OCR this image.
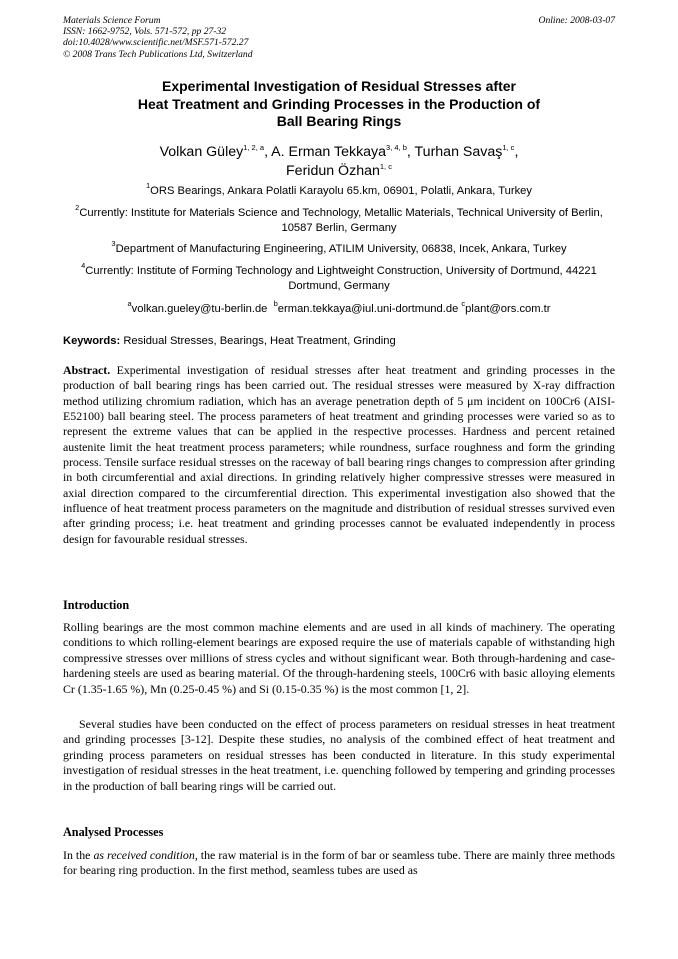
Materials Science Forum
ISSN: 1662-9752, Vols. 571-572, pp 27-32
doi:10.4028/www.scientific.net/MSF.571-572.27
© 2008 Trans Tech Publications Ltd, Switzerland
Online: 2008-03-07
Experimental Investigation of Residual Stresses after
Heat Treatment and Grinding Processes in the Production of
Ball Bearing Rings
Volkan Güley$^{1, 2, a}$, A. Erman Tekkaya$^{3, 4, b}$, Turhan Savaş$^{1, c}$,
Feridun Özhan$^{1, c}$
$^1$ORS Bearings, Ankara Polatli Karayolu 65.km, 06901, Polatli, Ankara, Turkey
$^2$Currently: Institute for Materials Science and Technology, Metallic Materials, Technical University of Berlin, 10587 Berlin, Germany
$^3$Department of Manufacturing Engineering, ATILIM University, 06838, Incek, Ankara, Turkey
$^4$Currently: Institute of Forming Technology and Lightweight Construction, University of Dortmund, 44221 Dortmund, Germany
$^a$volkan.gueley@tu-berlin.de $^b$erman.tekkaya@iul.uni-dortmund.de $^c$plant@ors.com.tr
Keywords: Residual Stresses, Bearings, Heat Treatment, Grinding
Abstract. Experimental investigation of residual stresses after heat treatment and grinding processes in the production of ball bearing rings has been carried out. The residual stresses were measured by X-ray diffraction method utilizing chromium radiation, which has an average penetration depth of 5 μm incident on 100Cr6 (AISI-E52100) ball bearing steel. The process parameters of heat treatment and grinding processes were varied so as to represent the extreme values that can be applied in the respective processes. Hardness and percent retained austenite limit the heat treatment process parameters; while roundness, surface roughness and form the grinding process. Tensile surface residual stresses on the raceway of ball bearing rings changes to compression after grinding in both circumferential and axial directions. In grinding relatively higher compressive stresses were measured in axial direction compared to the circumferential direction. This experimental investigation also showed that the influence of heat treatment process parameters on the magnitude and distribution of residual stresses survived even after grinding process; i.e. heat treatment and grinding processes cannot be evaluated independently in process design for favourable residual stresses.
Introduction
Rolling bearings are the most common machine elements and are used in all kinds of machinery. The operating conditions to which rolling-element bearings are exposed require the use of materials capable of withstanding high compressive stresses over millions of stress cycles and without significant wear. Both through-hardening and case-hardening steels are used as bearing material. Of the through-hardening steels, 100Cr6 with basic alloying elements Cr (1.35-1.65 %), Mn (0.25-0.45 %) and Si (0.15-0.35 %) is the most common [1, 2].
Several studies have been conducted on the effect of process parameters on residual stresses in heat treatment and grinding processes [3-12]. Despite these studies, no analysis of the combined effect of heat treatment and grinding process parameters on residual stresses has been conducted in literature. In this study experimental investigation of residual stresses in the heat treatment, i.e. quenching followed by tempering and grinding processes in the production of ball bearing rings will be carried out.
Analysed Processes
In the as received condition, the raw material is in the form of bar or seamless tube. There are mainly three methods for bearing ring production. In the first method, seamless tubes are used as
